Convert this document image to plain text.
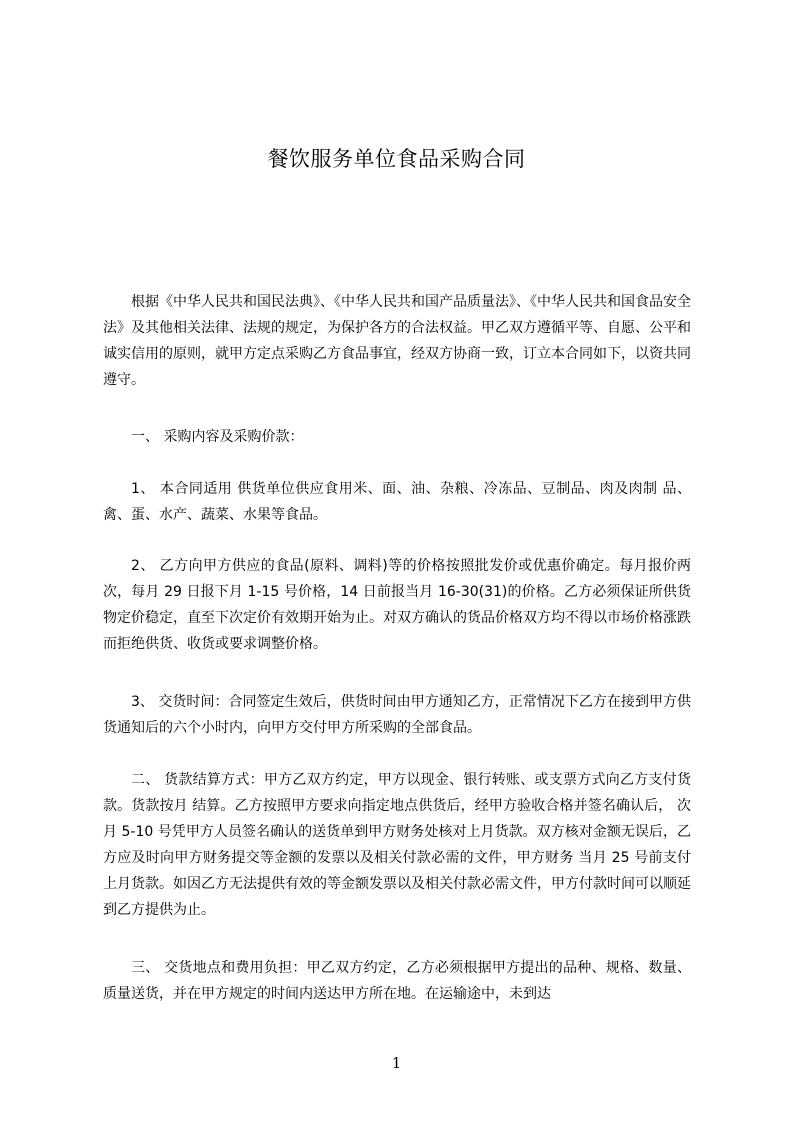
餐饮服务单位食品采购合同

根据《中华人民共和国民法典》、《中华人民共和国产品质量法》、《中华人民共和国食品安全法》及其他相关法律、法规的规定，为保护各方的合法权益。甲乙双方遵循平等、自愿、公平和诚实信用的原则，就甲方定点采购乙方食品事宜，经双方协商一致，订立本合同如下，以资共同遵守。

一、 采购内容及采购价款：

1、 本合同适用 供货单位供应食用米、面、油、杂粮、冷冻品、豆制品、肉及肉制 品、禽、蛋、水产、蔬菜、水果等食品。

2、 乙方向甲方供应的食品(原料、调料)等的价格按照批发价或优惠价确定。每月报价两次，每月 29 日报下月 1-15 号价格，14 日前报当月 16-30(31)的价格。乙方必须保证所供货物定价稳定，直至下次定价有效期开始为止。对双方确认的货品价格双方均不得以市场价格涨跌而拒绝供货、收货或要求调整价格。

3、 交货时间：合同签定生效后，供货时间由甲方通知乙方，正常情况下乙方在接到甲方供货通知后的六个小时内，向甲方交付甲方所采购的全部食品。

二、 货款结算方式：甲方乙双方约定，甲方以现金、银行转账、或支票方式向乙方支付货款。货款按月 结算。乙方按照甲方要求向指定地点供货后，经甲方验收合格并签名确认后， 次月 5-10 号凭甲方人员签名确认的送货单到甲方财务处核对上月货款。双方核对金额无误后，乙方应及时向甲方财务提交等金额的发票以及相关付款必需的文件，甲方财务 当月 25 号前支付上月货款。如因乙方无法提供有效的等金额发票以及相关付款必需文件，甲方付款时间可以顺延到乙方提供为止。

三、 交货地点和费用负担：甲乙双方约定，乙方必须根据甲方提出的品种、规格、数量、质量送货，并在甲方规定的时间内送达甲方所在地。在运输途中，未到达

1
